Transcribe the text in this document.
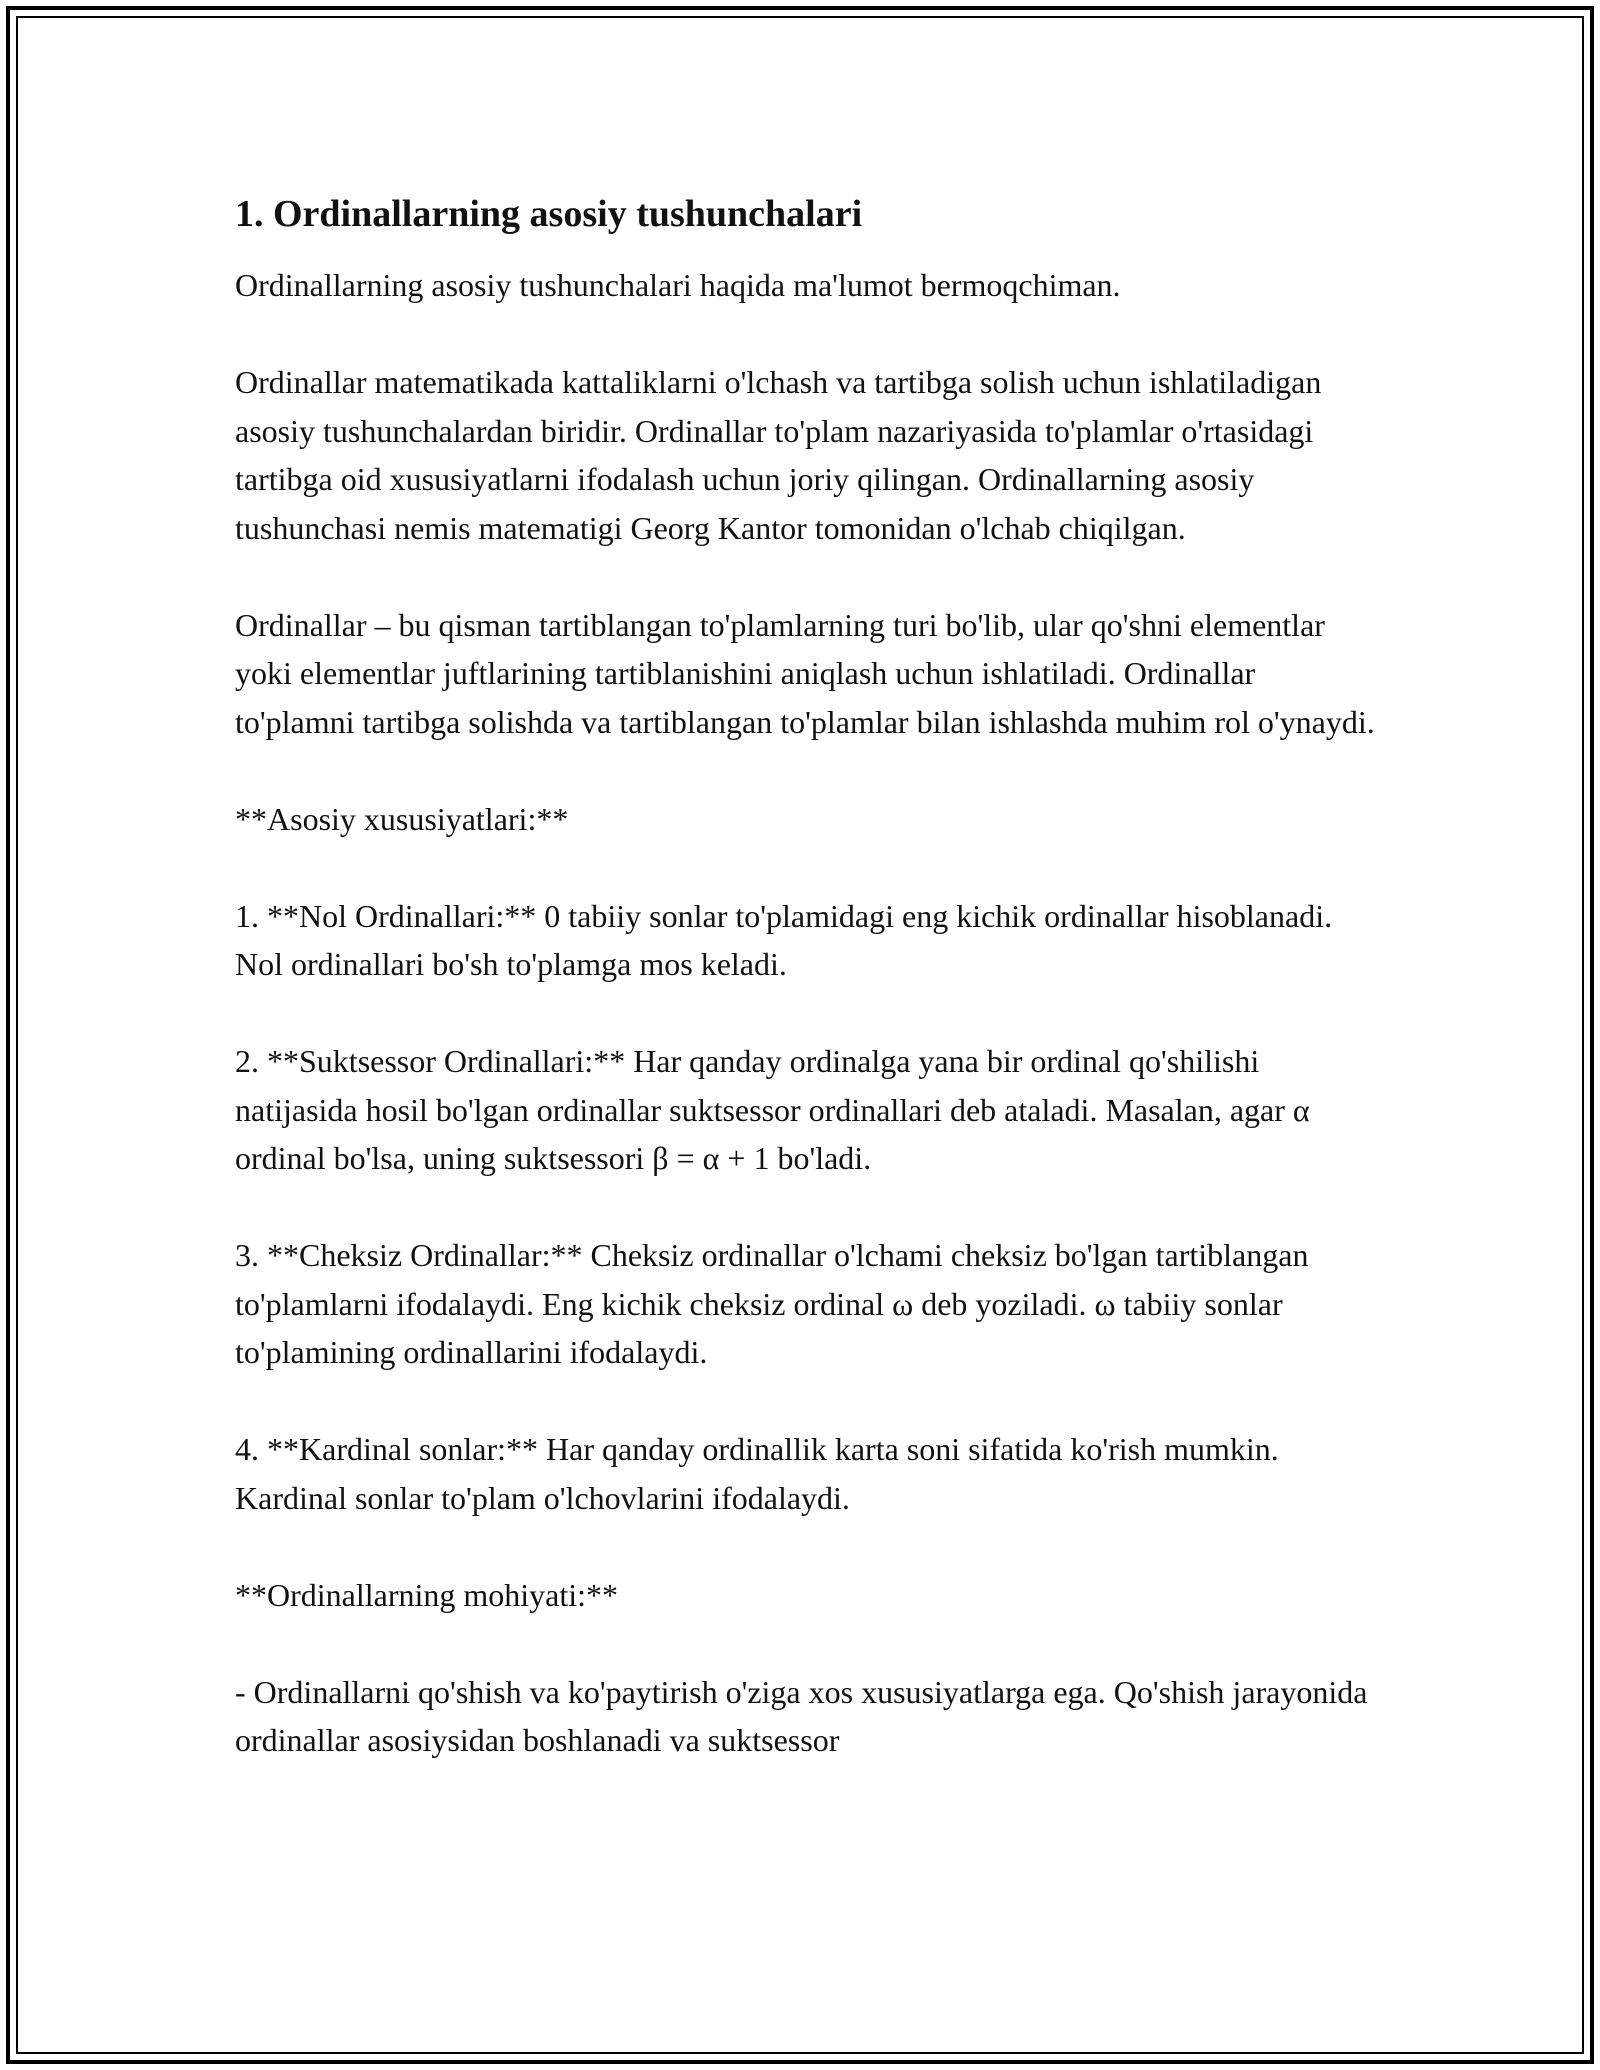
1. Ordinallarning asosiy tushunchalari

Ordinallarning asosiy tushunchalari haqida ma'lumot bermoqchiman.

Ordinallar matematikada kattaliklarni o'lchash va tartibga solish uchun ishlatiladigan asosiy tushunchalardan biridir. Ordinallar to'plam nazariyasida to'plamlar o'rtasidagi tartibga oid xususiyatlarni ifodalash uchun joriy qilingan. Ordinallarning asosiy tushunchasi nemis matematigi Georg Kantor tomonidan o'lchab chiqilgan.

Ordinallar – bu qisman tartiblangan to'plamlarning turi bo'lib, ular qo'shni elementlar yoki elementlar juftlarining tartiblanishini aniqlash uchun ishlatiladi. Ordinallar to'plamni tartibga solishda va tartiblangan to'plamlar bilan ishlashda muhim rol o'ynaydi.

**Asosiy xususiyatlari:**

1. **Nol Ordinallari:** 0 tabiiy sonlar to'plamidagi eng kichik ordinallar hisoblanadi. Nol ordinallari bo'sh to'plamga mos keladi.

2. **Suktsessor Ordinallari:** Har qanday ordinalga yana bir ordinal qo'shilishi natijasida hosil bo'lgan ordinallar suktsessor ordinallari deb ataladi. Masalan, agar α ordinal bo'lsa, uning suktsessori β = α + 1 bo'ladi.

3. **Cheksiz Ordinallar:** Cheksiz ordinallar o'lchami cheksiz bo'lgan tartiblangan to'plamlarni ifodalaydi. Eng kichik cheksiz ordinal ω deb yoziladi. ω tabiiy sonlar to'plamining ordinallarini ifodalaydi.

4. **Kardinal sonlar:** Har qanday ordinallik karta soni sifatida ko'rish mumkin. Kardinal sonlar to'plam o'lchovlarini ifodalaydi.

**Ordinallarning mohiyati:**

- Ordinallarni qo'shish va ko'paytirish o'ziga xos xususiyatlarga ega. Qo'shish jarayonida ordinallar asosiysidan boshlanadi va suktsessor
